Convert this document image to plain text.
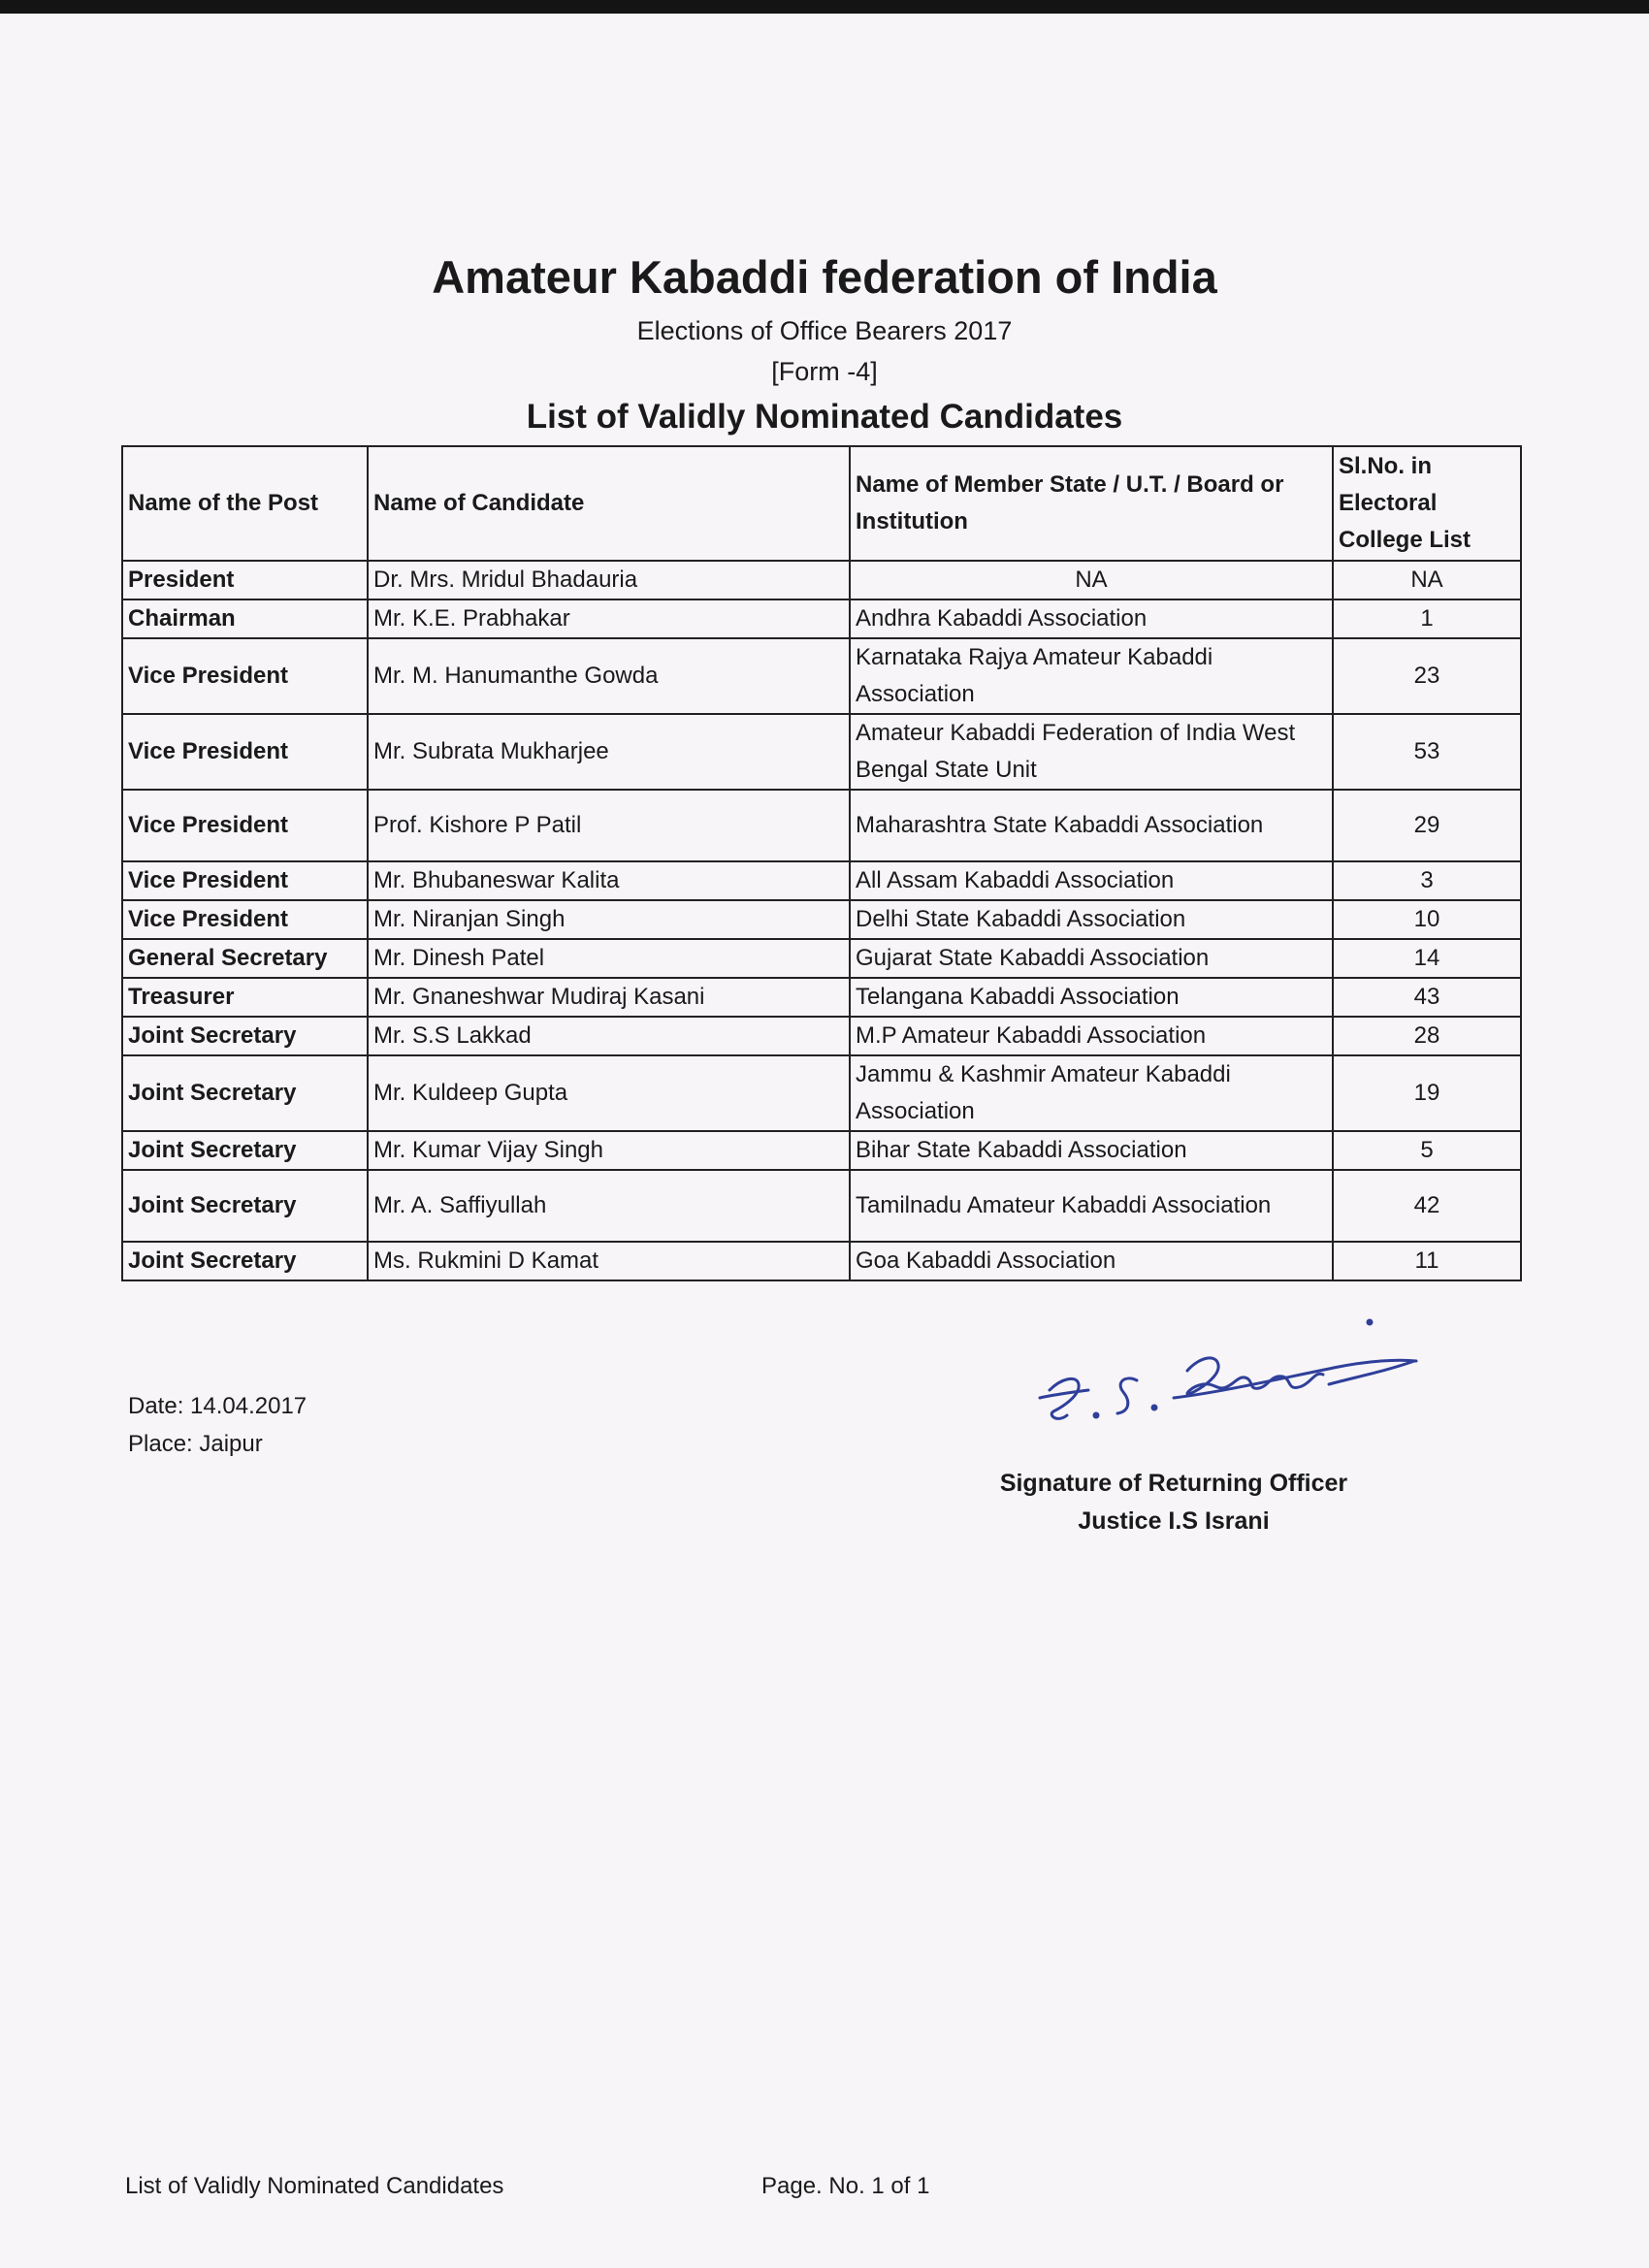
Amateur Kabaddi federation of India
Elections of Office Bearers 2017
[Form -4]
List of Validly Nominated Candidates
Name of the Post	Name of Candidate	Name of Member State / U.T. / Board or Institution	Sl.No. in Electoral College List
President	Dr. Mrs. Mridul Bhadauria	NA	NA
Chairman	Mr. K.E. Prabhakar	Andhra Kabaddi Association	1
Vice President	Mr. M. Hanumanthe Gowda	Karnataka Rajya Amateur Kabaddi Association	23
Vice President	Mr. Subrata Mukharjee	Amateur Kabaddi Federation of India West Bengal State Unit	53
Vice President	Prof. Kishore P Patil	Maharashtra State Kabaddi Association	29
Vice President	Mr. Bhubaneswar Kalita	All Assam Kabaddi Association	3
Vice President	Mr. Niranjan Singh	Delhi State Kabaddi Association	10
General Secretary	Mr. Dinesh Patel	Gujarat State Kabaddi Association	14
Treasurer	Mr. Gnaneshwar Mudiraj Kasani	Telangana Kabaddi Association	43
Joint Secretary	Mr. S.S Lakkad	M.P Amateur Kabaddi Association	28
Joint Secretary	Mr. Kuldeep Gupta	Jammu & Kashmir Amateur Kabaddi Association	19
Joint Secretary	Mr. Kumar Vijay Singh	Bihar State Kabaddi Association	5
Joint Secretary	Mr. A. Saffiyullah	Tamilnadu Amateur Kabaddi Association	42
Joint Secretary	Ms. Rukmini D Kamat	Goa Kabaddi Association	11
Date: 14.04.2017
Place: Jaipur
Signature of Returning Officer
Justice I.S Israni
List of Validly Nominated Candidates	Page. No. 1 of 1
